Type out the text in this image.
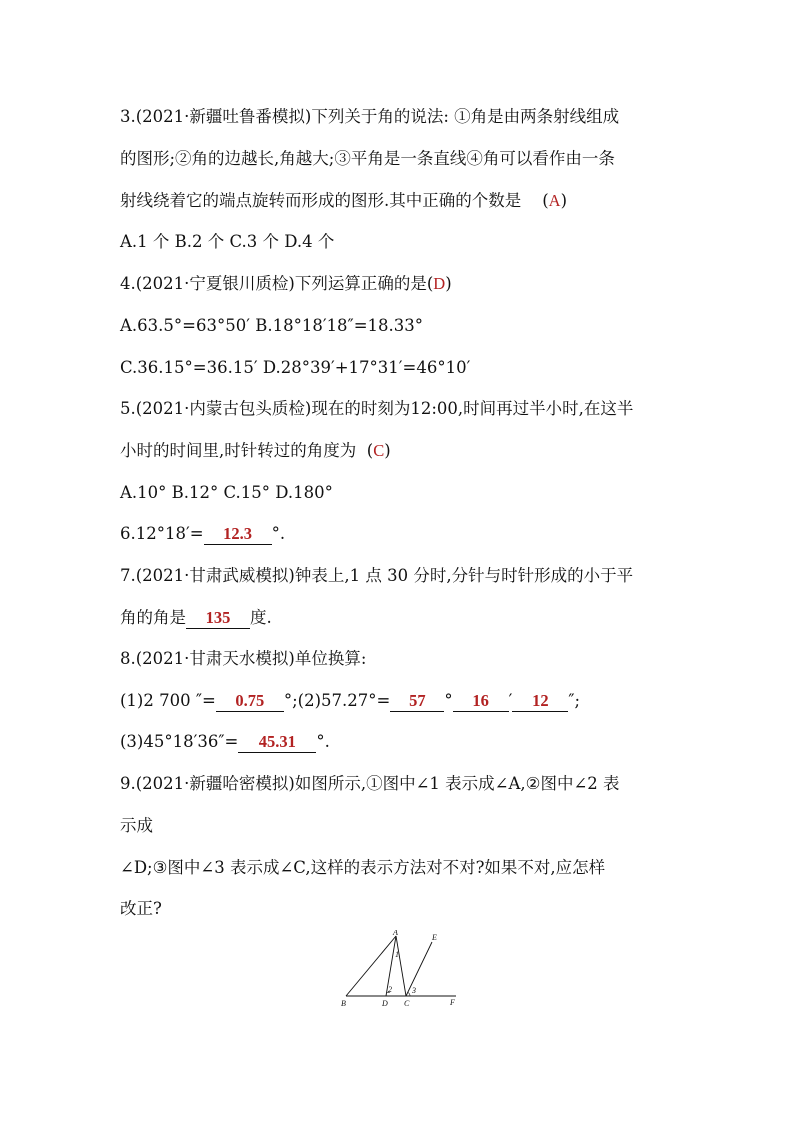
3.(2021·新疆吐鲁番模拟)下列关于角的说法: ①角是由两条射线组成
的图形;②角的边越长,角越大;③平角是一条直线④角可以看作由一条
射线绕着它的端点旋转而形成的图形.其中正确的个数是    (A)
A.1 个 B.2 个 C.3 个 D.4 个
4.(2021·宁夏银川质检)下列运算正确的是(D)
A.63.5°=63°50′ B.18°18′18″=18.33°
C.36.15°=36.15′ D.28°39′+17°31′=46°10′
5.(2021·内蒙古包头质检)现在的时刻为12:00,时间再过半小时,在这半
小时的时间里,时针转过的角度为  (C)
A.10° B.12° C.15° D.180°
6.12°18′= 12.3 °.
7.(2021·甘肃武威模拟)钟表上,1 点 30 分时,分针与时针形成的小于平
角的角是 135 度.
8.(2021·甘肃天水模拟)单位换算:
(1)2 700 ″= 0.75 °;(2)57.27°= 57 ° 16 ′ 12 ″;
(3)45°18′36″= 45.31 °.
9.(2021·新疆哈密模拟)如图所示,①图中∠1 表示成∠A,②图中∠2 表
示成
∠D;③图中∠3 表示成∠C,这样的表示方法对不对?如果不对,应怎样
改正?
A
B	D C
E
F
1
2	3
